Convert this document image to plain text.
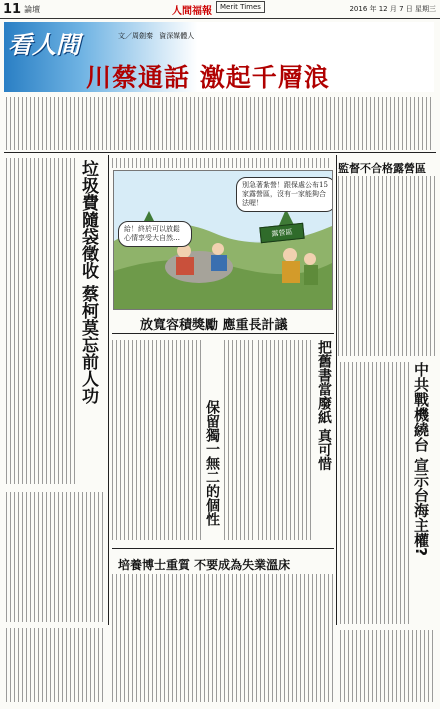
11 論壇	人間福報	Merit Times	2016 年 12 月 7 日 星期三
看人間	文／周劍秦 資深媒體人
川蔡通話 激起千層浪
垃圾費隨袋徵收 蔡柯莫忘前人功	給！終於可以放鬆心情享受大自然…
別急著紮營！跟保處公布15家露營區，沒有一家能夠合法喔！
露營區
放寬容積獎勵 應重長計議
監督不合格露營區
中共戰機繞台 宣示台海主權?
把舊書當廢紙 真可惜
保留獨一無二的個性
培養博士重質 不要成為失業溫床
